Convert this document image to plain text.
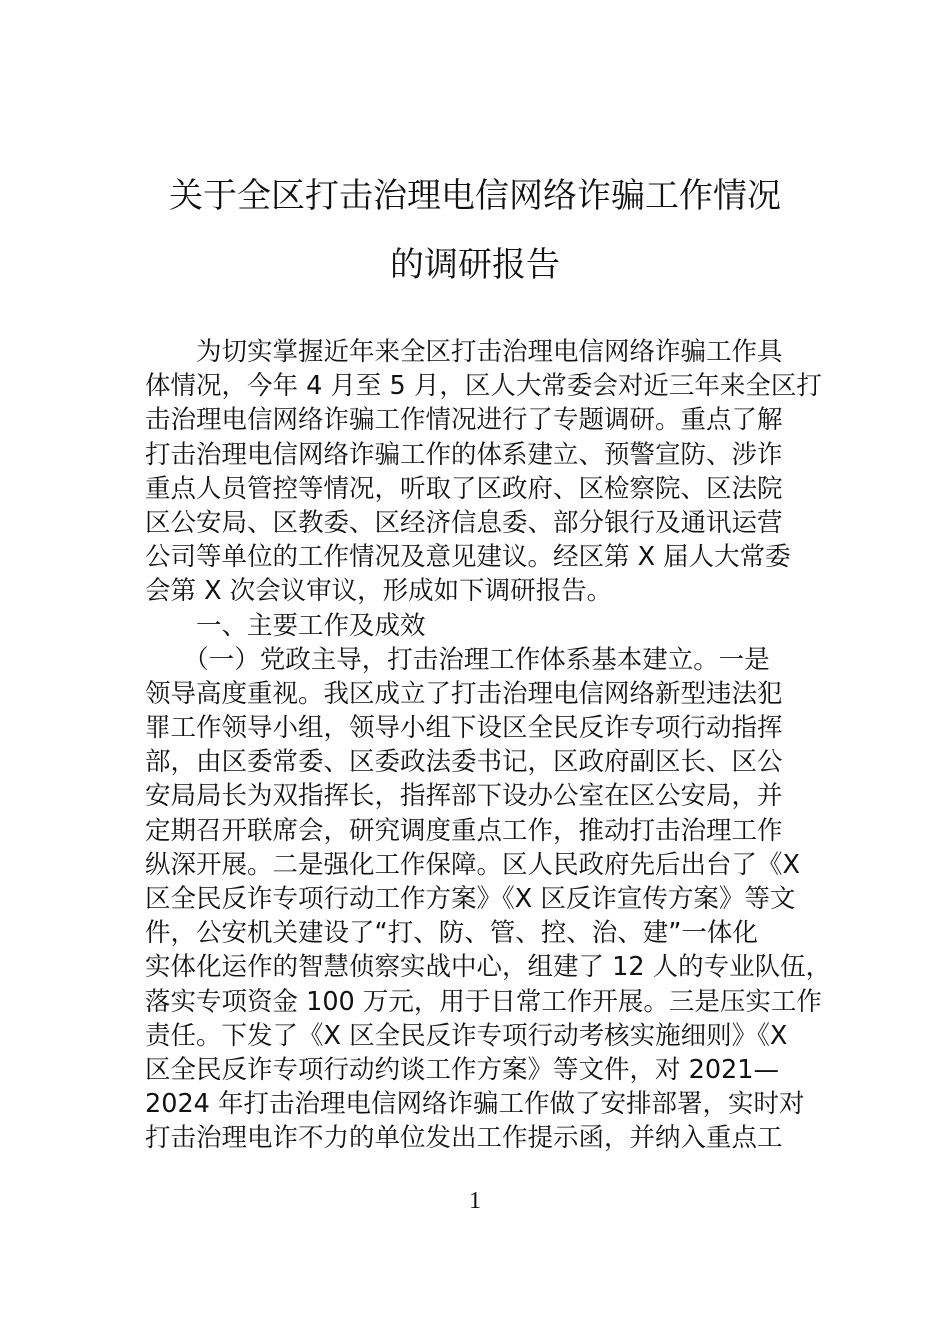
关于全区打击治理电信网络诈骗工作情况
的调研报告
　　为切实掌握近年来全区打击治理电信网络诈骗工作具
体情况，今年 4 月至 5 月，区人大常委会对近三年来全区打
击治理电信网络诈骗工作情况进行了专题调研。重点了解
打击治理电信网络诈骗工作的体系建立、预警宣防、涉诈
重点人员管控等情况，听取了区政府、区检察院、区法院
区公安局、区教委、区经济信息委、部分银行及通讯运营
公司等单位的工作情况及意见建议。经区第 X 届人大常委
会第 X 次会议审议，形成如下调研报告。
　　一、主要工作及成效
　　（一）党政主导，打击治理工作体系基本建立。一是
领导高度重视。我区成立了打击治理电信网络新型违法犯
罪工作领导小组，领导小组下设区全民反诈专项行动指挥
部，由区委常委、区委政法委书记，区政府副区长、区公
安局局长为双指挥长，指挥部下设办公室在区公安局，并
定期召开联席会，研究调度重点工作，推动打击治理工作
纵深开展。二是强化工作保障。区人民政府先后出台了《X
区全民反诈专项行动工作方案》《X 区反诈宣传方案》等文
件，公安机关建设了“打、防、管、控、治、建”一体化
实体化运作的智慧侦察实战中心，组建了 12 人的专业队伍，
落实专项资金 100 万元，用于日常工作开展。三是压实工作
责任。下发了《X 区全民反诈专项行动考核实施细则》《X
区全民反诈专项行动约谈工作方案》等文件，对 2021—
2024 年打击治理电信网络诈骗工作做了安排部署，实时对
打击治理电诈不力的单位发出工作提示函，并纳入重点工
1
